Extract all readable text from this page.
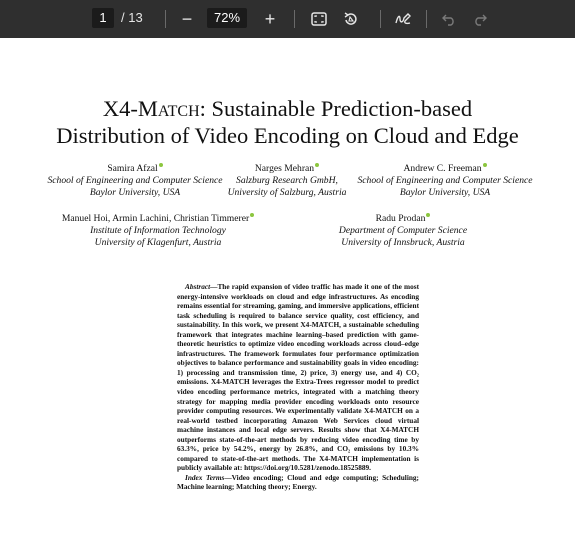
1	/ 13	−	72%	+
X4-Match: Sustainable Prediction-based
Distribution of Video Encoding on Cloud and Edge
Samira Afzal
School of Engineering and Computer Science
Baylor University, USA
Narges Mehran
Salzburg Research GmbH,
University of Salzburg, Austria
Andrew C. Freeman
School of Engineering and Computer Science
Baylor University, USA
Manuel Hoi, Armin Lachini, Christian Timmerer
Institute of Information Technology
University of Klagenfurt, Austria
Radu Prodan
Department of Computer Science
University of Innsbruck, Austria

Abstract—The rapid expansion of video traffic has made it one of the most energy-intensive workloads on cloud and edge infrastructures. As encoding remains essential for streaming, gaming, and immersive applications, efficient task scheduling is required to balance service quality, cost efficiency, and sustainability. In this work, we present X4-MATCH, a sustainable scheduling framework that integrates machine learning–based prediction with game-theoretic heuristics to optimize video encoding workloads across cloud–edge infrastructures. The framework formulates four performance optimization objectives to balance performance and sustainability goals in video encoding: 1) processing and transmission time, 2) price, 3) energy use, and 4) CO₂ emissions. X4-MATCH leverages the Extra-Trees regressor model to predict video encoding performance metrics, integrated with a matching theory strategy for mapping media provider encoding workloads onto resource provider computing resources. We experimentally validate X4-MATCH on a real-world testbed incorporating Amazon Web Services cloud virtual machine instances and local edge servers. Results show that X4-MATCH outperforms state-of-the-art methods by reducing video encoding time by 63.3%, price by 54.2%, energy by 26.8%, and CO₂ emissions by 10.3% compared to state-of-the-art methods. The X4-MATCH implementation is publicly available at: https://doi.org/10.5281/zenodo.18525889.

Index Terms—Video encoding; Cloud and edge computing; Scheduling; Machine learning; Matching theory; Energy.
